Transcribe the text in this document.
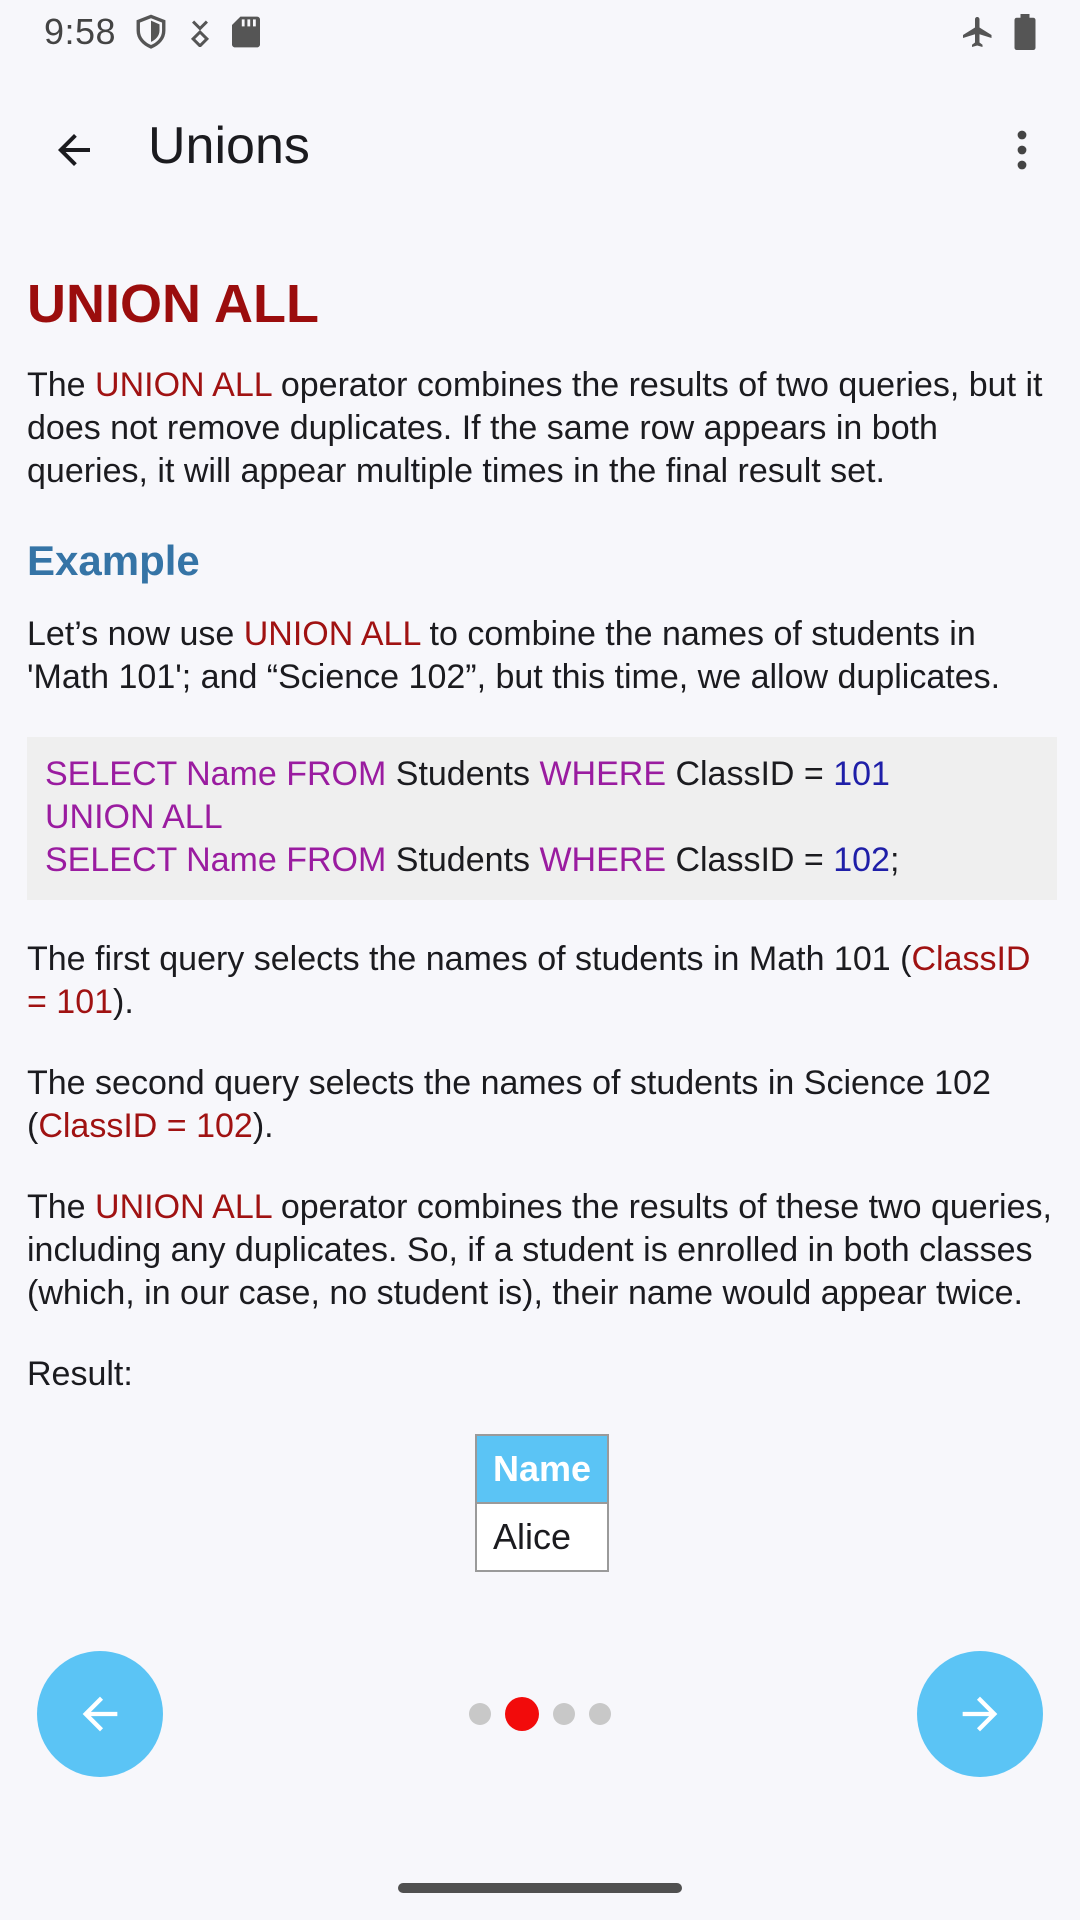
9:58
Unions
UNION ALL

The UNION ALL operator combines the results of two queries, but it does not remove duplicates. If the same row appears in both queries, it will appear multiple times in the final result set.

Example

Let’s now use UNION ALL to combine the names of students in 'Math 101'; and “Science 102”, but this time, we allow duplicates.

SELECT Name FROM Students WHERE ClassID = 101
UNION ALL
SELECT Name FROM Students WHERE ClassID = 102;

The first query selects the names of students in Math 101 (ClassID = 101).

The second query selects the names of students in Science 102 (ClassID = 102).

The UNION ALL operator combines the results of these two queries, including any duplicates. So, if a student is enrolled in both classes (which, in our case, no student is), their name would appear twice.

Result:

Name
Alice
